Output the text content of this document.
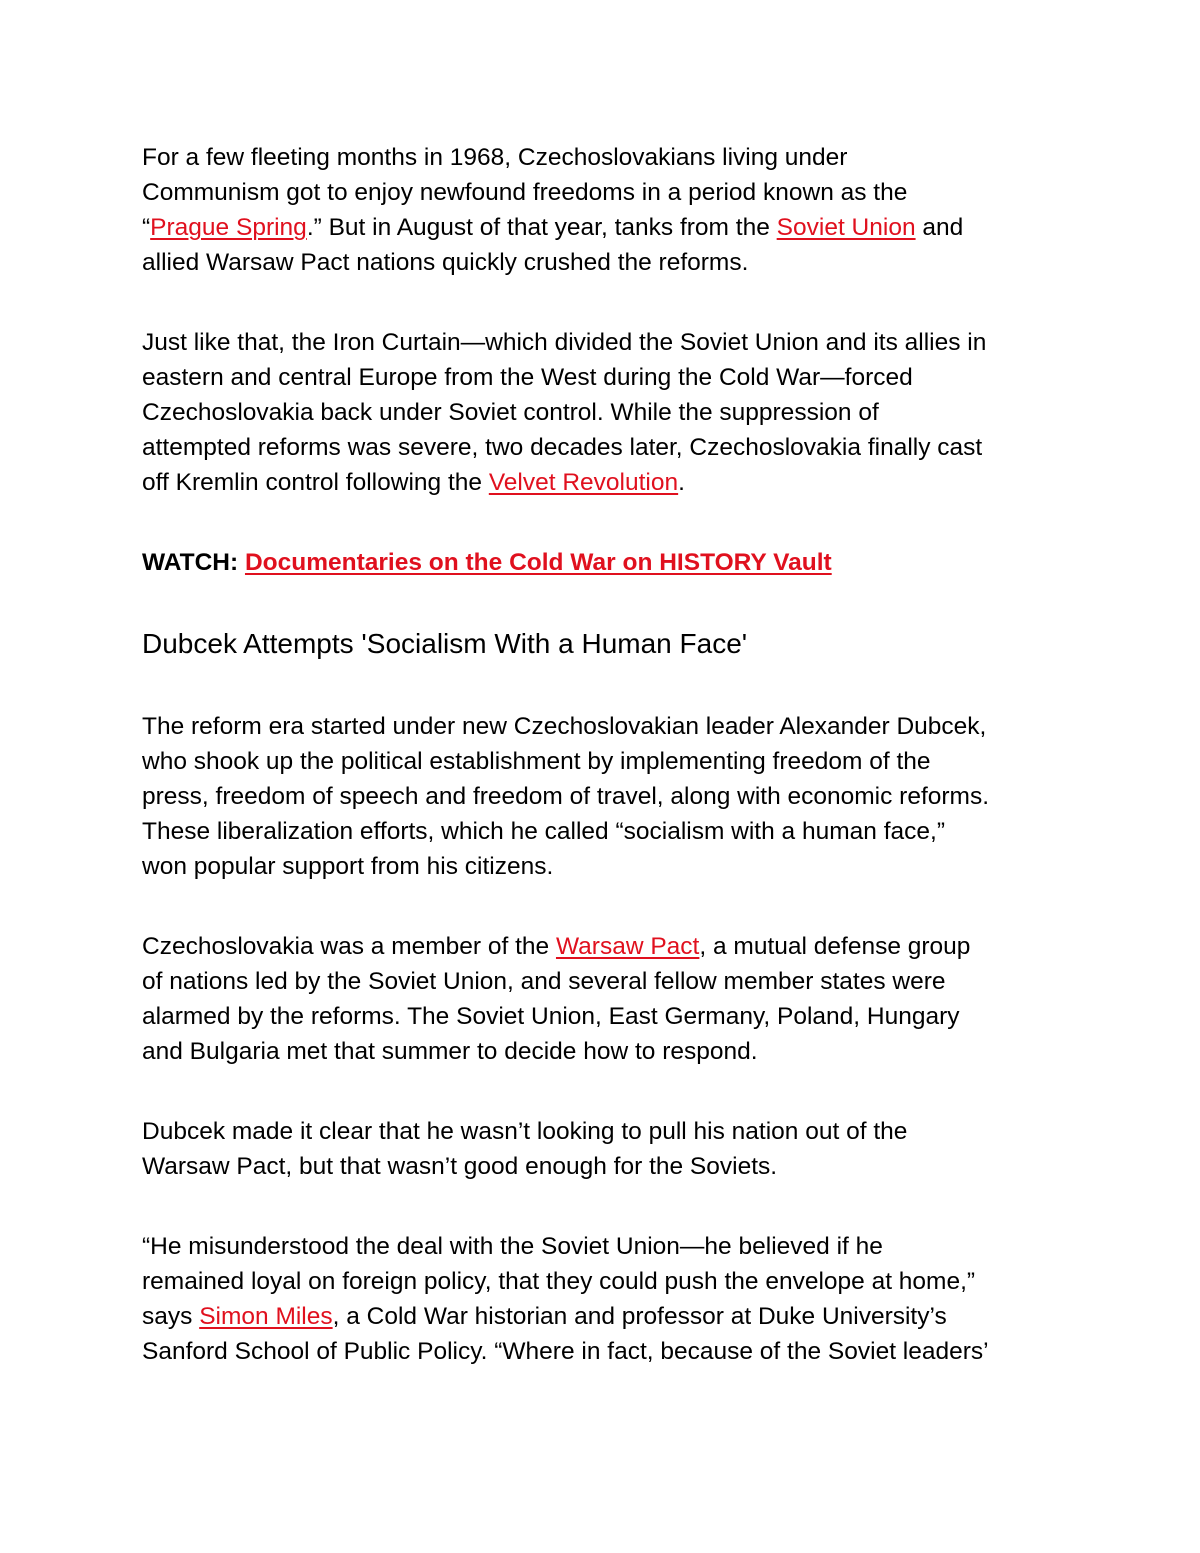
For a few fleeting months in 1968, Czechoslovakians living under
Communism got to enjoy newfound freedoms in a period known as the
“Prague Spring.” But in August of that year, tanks from the Soviet Union and
allied Warsaw Pact nations quickly crushed the reforms.

Just like that, the Iron Curtain—which divided the Soviet Union and its allies in
eastern and central Europe from the West during the Cold War—forced
Czechoslovakia back under Soviet control. While the suppression of
attempted reforms was severe, two decades later, Czechoslovakia finally cast
off Kremlin control following the Velvet Revolution.

WATCH: Documentaries on the Cold War on HISTORY Vault

Dubcek Attempts 'Socialism With a Human Face'

The reform era started under new Czechoslovakian leader Alexander Dubcek,
who shook up the political establishment by implementing freedom of the
press, freedom of speech and freedom of travel, along with economic reforms.
These liberalization efforts, which he called “socialism with a human face,”
won popular support from his citizens.

Czechoslovakia was a member of the Warsaw Pact, a mutual defense group
of nations led by the Soviet Union, and several fellow member states were
alarmed by the reforms. The Soviet Union, East Germany, Poland, Hungary
and Bulgaria met that summer to decide how to respond.

Dubcek made it clear that he wasn’t looking to pull his nation out of the
Warsaw Pact, but that wasn’t good enough for the Soviets.

“He misunderstood the deal with the Soviet Union—he believed if he
remained loyal on foreign policy, that they could push the envelope at home,”
says Simon Miles, a Cold War historian and professor at Duke University’s
Sanford School of Public Policy. “Where in fact, because of the Soviet leaders’
